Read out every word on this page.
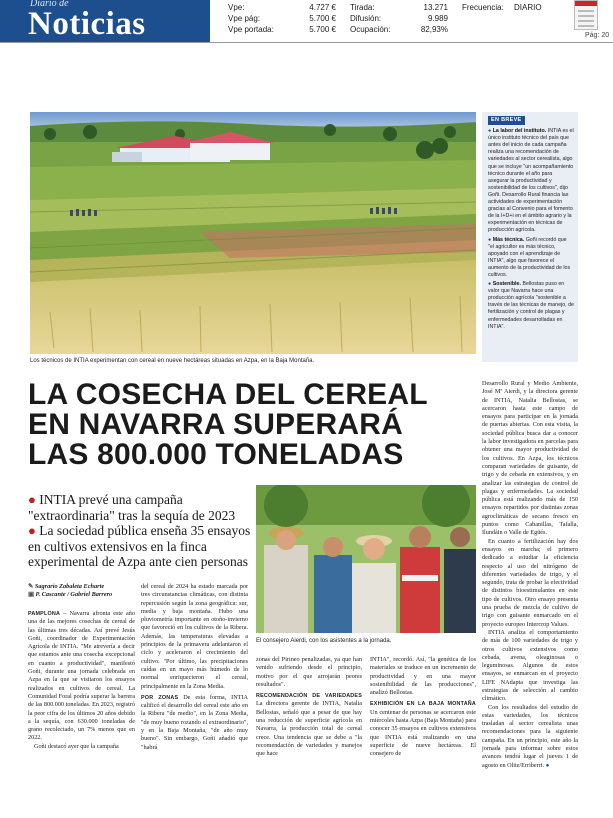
Diario de
Noticias	Vpe:	4.727 €
Vpe pág:	5.700 €
Vpe portada:	5.700 €
Tirada:	13.271
Difusión:	9.989
Ocupación:	82,93%
Frecuencia: DIARIO
Pág: 20
Los técnicos de INTIA experimentan con cereal en nueve hectáreas situadas en Azpa, en la Baja Montaña.
EN BREVE

● La labor del instituto. INTIA es el único instituto técnico del país que antes del inicio de cada campaña realiza una recomendación de variedades al sector cerealista, algo que se incluye "un acompañamiento técnico durante el año para asegurar la productividad y sostenibilidad de los cultivos", dijo Goñi. Desarrollo Rural financia las actividades de experimentación gracias al Convenio para el fomento de la I+D+i en el ámbito agrario y la experimentación en técnicas de producción agrícola.

● Más técnica. Goñi recordó que "el agricultor es más técnico, apoyado con el aprendizaje de INTIA", algo que favorece el aumento de la productividad de los cultivos.

● Sostenible. Bellostas puso en valor que Navarra hace una producción agrícola "sostenible a través de las técnicas de manejo, de fertilización y control de plagas y enfermedades desarrolladas en INTIA".

LA COSECHA DEL CEREAL
EN NAVARRA SUPERARÁ
LAS 800.000 TONELADAS
● INTIA prevé una campaña "extraordinaria" tras la sequía de 2023
● La sociedad pública enseña 35 ensayos en cultivos extensivos en la finca experimental de Azpa ante cien personas
✎ Sagrario Zabaleta Echarte
▣ P. Cascante / Gabriel Barrero
El consejero Aierdi, con los asistentes a la jornada.

PAMPLONA – Navarra afronta este año una de las mejores cosechas de cereal de las últimas tres décadas. Así prevé Jesús Goñi, coordinador de Experimentación Agrícola de INTIA. "Me atrevería a decir que estamos ante una cosecha excepcional en cuanto a productividad", manifestó Goñi, durante una jornada celebrada en Azpa en la que se visitaron los ensayos realizados en cultivos de cereal. La Comunidad Foral podría superar la barrera de las 800.000 toneladas. En 2023, registró la peor cifra de los últimos 20 años debido a la sequía, con 630.000 toneladas de grano recolectado, un 7% menos que en 2022.

Goñi destacó ayer que la campaña

del cereal de 2024 ha estado marcada por tres circunstancias climáticas, con distinta repercusión según la zona geográfica: sur, media y baja montaña. Hubo una pluviometría importante en otoño-invierno que favoreció en los cultivos de la Ribera. Además, las temperaturas elevadas a principios de la primavera adelantaron el ciclo y aceleraron el crecimiento del cultivo. "Por último, las precipitaciones caídas en un mayo más húmedo de lo normal enriquecieron el cereal, principalmente en la Zona Media.

POR ZONAS De esta forma, INTIA calificó el desarrollo del cereal este año en la Ribera "de medio", en la Zona Media, "de muy bueno rozando el extraordinario", y en la Baja Montaña, "de año muy bueno". Sin embargo, Goñi añadió que "habrá

zonas del Pirineo penalizadas, ya que han venido sufriendo desde el principio, motivo por el que arrojarán peores resultados".

RECOMENDACIÓN DE VARIEDADES La directora gerente de INTIA, Natalia Bellostas, señaló que a pesar de que hay una reducción de superficie agrícola en Navarra, la producción total de cereal crece. Una tendencia que se debe a "la recomendación de variedades y manejos que hace

INTIA", recordó. Así, "la genética de los materiales se traduce en un incremento de productividad y en una mayor sostenibilidad de las producciones", analizó Bellostas.

EXHIBICIÓN EN LA BAJA MONTAÑA Un centenar de personas se acercaron este miércoles hasta Azpa (Baja Montaña) para conocer 35 ensayos en cultivos extensivos que INTIA está realizando en una superficie de nueve hectáreas. El consejero de

Desarrollo Rural y Medio Ambiente, José Mª Aierdi, y la directora gerente de INTIA, Natalia Bellostas, se acercaron hasta este campo de ensayos para participar en la jornada de puertas abiertas. Con esta visita, la sociedad pública busca dar a conocer la labor investigadora en parcelas para obtener una mayor productividad de los cultivos. En Azpa, los técnicos comparan variedades de guisante, de trigo y de cebada en extensivos, y en analizar las estrategias de control de plagas y enfermedades. La sociedad pública está realizando más de 150 ensayos repartidos por distintas zonas agroclimáticas de secano fresco en puntos como Cabanillas, Tafalla, Ilundáin o Valle de Egüés.

En cuanto a fertilización hay dos ensayos en marcha; el primero dedicado a estudiar la eficiencia respecto al uso del nitrógeno de diferentes variedades de trigo, y el segundo, trata de probar la efectividad de distintos bioestimulantes en este tipo de cultivos. Otro ensayo presenta una prueba de mezcla de cultivo de trigo con guisante enmarcado en el proyecto europeo Intercrop Values.

INTIA analiza el comportamiento de más de 100 variedades de trigo y otros cultivos extensivos como cebada, avena, oleaginosas o leguminosas. Algunos de estos ensayos, se enmarcan en el proyecto LIFE NAdapta que investiga las estrategias de selección al cambio climático.

Con los resultados del estudio de estas variedades, los técnicos trasladan al sector cerealista unas recomendaciones para la siguiente campaña. En un principio, este año la jornada para informar sobre estos avances tendrá lugar el jueves 1 de agosto en Olite/Erriberri. ●
